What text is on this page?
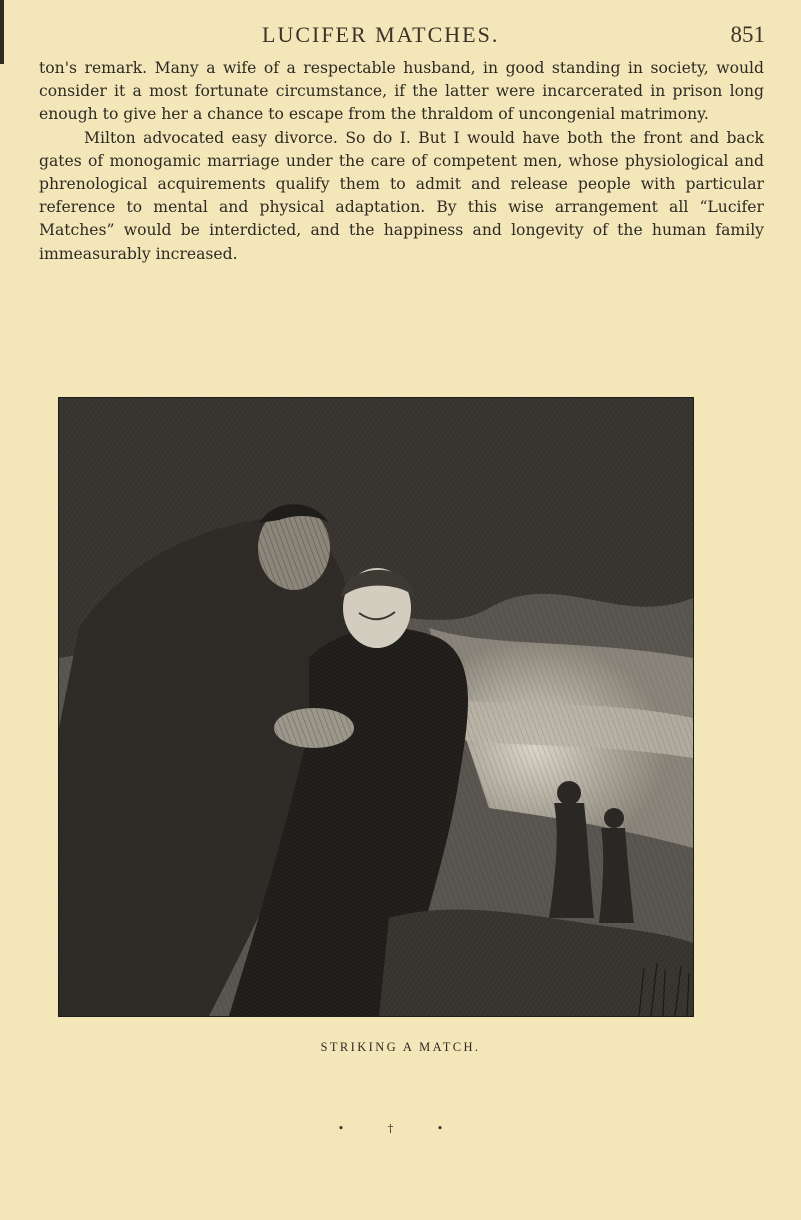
LUCIFER MATCHES.	851

ton's remark. Many a wife of a respectable husband, in good standing in society, would consider it a most fortunate circumstance, if the latter were incarcerated in prison long enough to give her a chance to escape from the thraldom of uncongenial matrimony.

Milton advocated easy divorce. So do I. But I would have both the front and back gates of monogamic marriage under the care of competent men, whose physiological and phrenological acquirements qualify them to admit and release people with particular reference to mental and physical adaptation. By this wise arrangement all “Lucifer Matches” would be interdicted, and the happiness and longevity of the human family immeasurably increased.

STRIKING A MATCH.
• † •
